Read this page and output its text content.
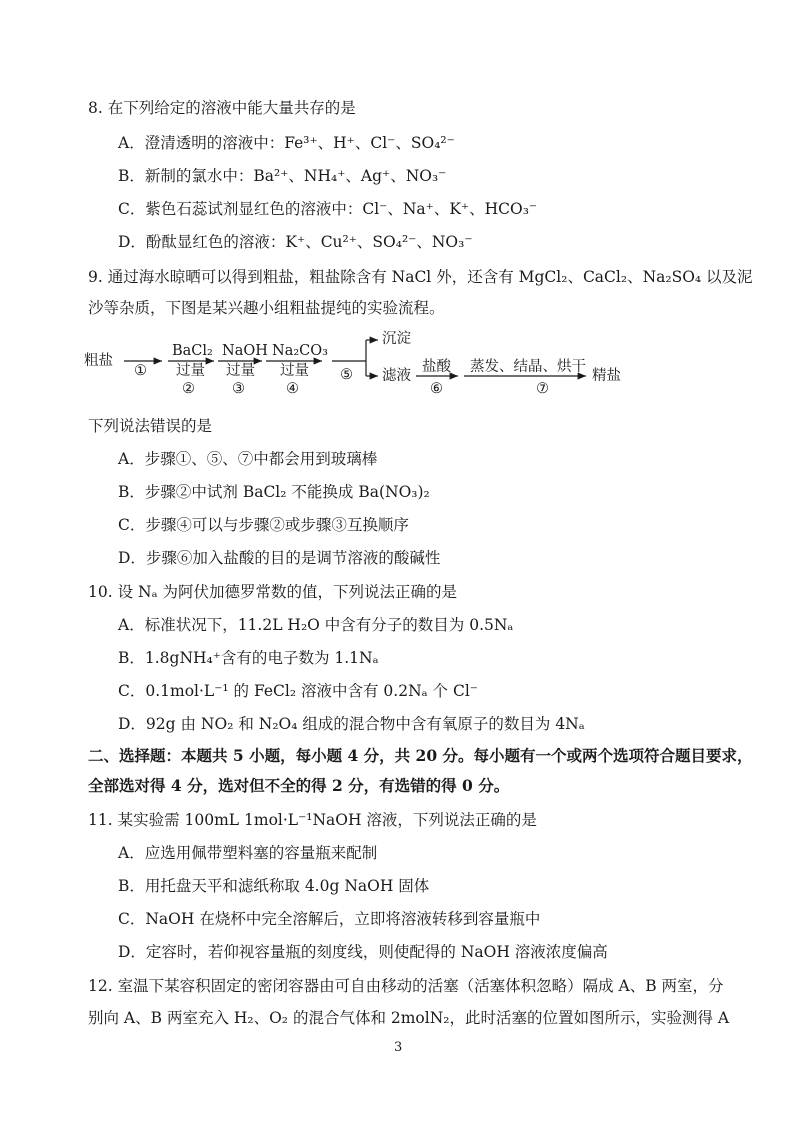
8. 在下列给定的溶液中能大量共存的是
A．澄清透明的溶液中：Fe³⁺、H⁺、Cl⁻、SO₄²⁻
B．新制的氯水中：Ba²⁺、NH₄⁺、Ag⁺、NO₃⁻
C．紫色石蕊试剂显红色的溶液中：Cl⁻、Na⁺、K⁺、HCO₃⁻
D．酚酞显红色的溶液：K⁺、Cu²⁺、SO₄²⁻、NO₃⁻
9. 通过海水晾晒可以得到粗盐，粗盐除含有 NaCl 外，还含有 MgCl₂、CaCl₂、Na₂SO₄ 以及泥
沙等杂质，下图是某兴趣小组粗盐提纯的实验流程。
粗盐
①
BaCl₂
过量
②
NaOH
过量
③
Na₂CO₃
过量
④
⑤
沉淀
滤液
盐酸
⑥
蒸发、结晶、烘干
⑦
精盐
下列说法错误的是
A．步骤①、⑤、⑦中都会用到玻璃棒
B．步骤②中试剂 BaCl₂ 不能换成 Ba(NO₃)₂
C．步骤④可以与步骤②或步骤③互换顺序
D．步骤⑥加入盐酸的目的是调节溶液的酸碱性
10. 设 Nₐ 为阿伏加德罗常数的值，下列说法正确的是
A．标准状况下，11.2L H₂O 中含有分子的数目为 0.5Nₐ
B．1.8gNH₄⁺含有的电子数为 1.1Nₐ
C．0.1mol·L⁻¹ 的 FeCl₂ 溶液中含有 0.2Nₐ 个 Cl⁻
D．92g 由 NO₂ 和 N₂O₄ 组成的混合物中含有氧原子的数目为 4Nₐ
二、选择题：本题共 5 小题，每小题 4 分，共 20 分。每小题有一个或两个选项符合题目要求，
全部选对得 4 分，选对但不全的得 2 分，有选错的得 0 分。
11. 某实验需 100mL 1mol·L⁻¹NaOH 溶液，下列说法正确的是
A．应选用佩带塑料塞的容量瓶来配制
B．用托盘天平和滤纸称取 4.0g NaOH 固体
C．NaOH 在烧杯中完全溶解后，立即将溶液转移到容量瓶中
D．定容时，若仰视容量瓶的刻度线，则使配得的 NaOH 溶液浓度偏高
12. 室温下某容积固定的密闭容器由可自由移动的活塞（活塞体积忽略）隔成 A、B 两室，分
别向 A、B 两室充入 H₂、O₂ 的混合气体和 2molN₂，此时活塞的位置如图所示，实验测得 A
3
